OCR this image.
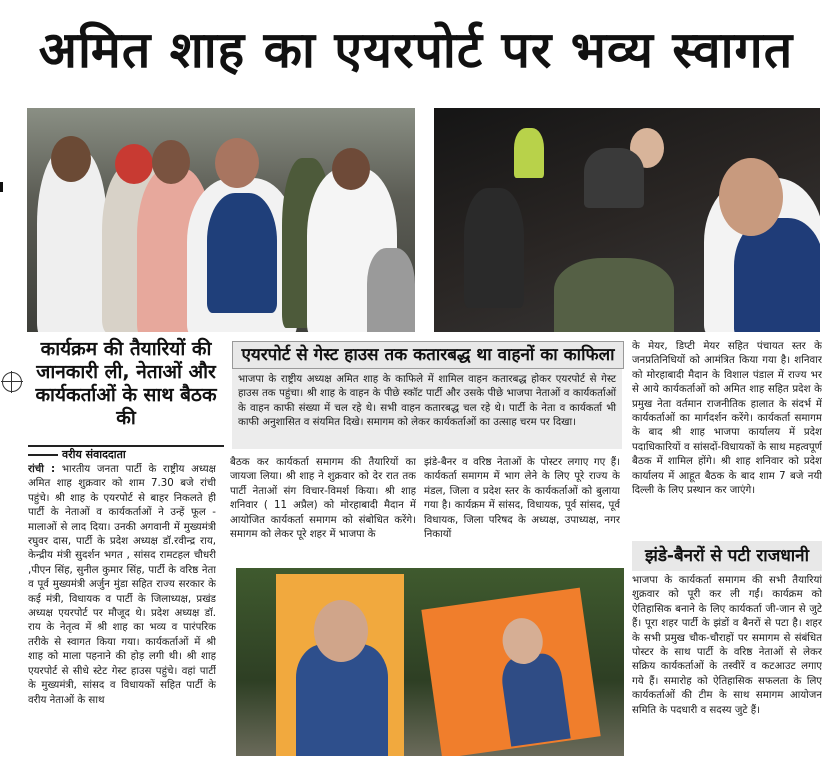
अमित शाह का एयरपोर्ट पर भव्य स्वागत
कार्यक्रम की तैयारियों की जानकारी ली, नेताओं और कार्यकर्ताओं के साथ बैठक की
वरीय संवाददाता

रांची : भारतीय जनता पार्टी के राष्ट्रीय अध्यक्ष अमित शाह शुक्रवार को शाम 7.30 बजे रांची पहुंचे। श्री शाह के एयरपोर्ट से बाहर निकलते ही पार्टी के नेताओं व कार्यकर्ताओं ने उन्हें फूल - मालाओं से लाद दिया। उनकी अगवानी में मुख्यमंत्री रघुवर दास, पार्टी के प्रदेश अध्यक्ष डॉ.रवीन्द्र राय, केन्द्रीय मंत्री सुदर्शन भगत , सांसद रामटहल चौधरी ,पीएन सिंह, सुनील कुमार सिंह, पार्टी के वरिष्ठ नेता व पूर्व मुख्यमंत्री अर्जुन मुंडा सहित राज्य सरकार के कई मंत्री, विधायक व पार्टी के जिलाध्यक्ष, प्रखंड अध्यक्ष एयरपोर्ट पर मौजूद थे। प्रदेश अध्यक्ष डॉ. राय के नेतृत्व में श्री शाह का भव्य व पारंपरिक तरीके से स्वागत किया गया। कार्यकर्ताओं में श्री शाह को माला पहनाने की होड़ लगी थी। श्री शाह एयरपोर्ट से सीधे स्टेट गेस्ट हाउस पहुंचे। वहां पार्टी के मुख्यमंत्री, सांसद व विधायकों सहित पार्टी के वरीय नेताओं के साथ

एयरपोर्ट से गेस्ट हाउस तक कतारबद्ध था वाहनों का काफिला
भाजपा के राष्ट्रीय अध्यक्ष अमित शाह के काफिले में शामिल वाहन कतारबद्ध होकर एयरपोर्ट से गेस्ट हाउस तक पहुंचा। श्री शाह के वाहन के पीछे स्कॉट पार्टी और उसके पीछे भाजपा नेताओं व कार्यकर्ताओं के वाहन काफी संख्या में चल रहे थे। सभी वाहन कतारबद्ध चल रहे थे। पार्टी के नेता व कार्यकर्ता भी काफी अनुशासित व संयमित दिखे। समागम को लेकर कार्यकर्ताओं का उत्साह चरम पर दिखा।
बैठक कर कार्यकर्ता समागम की तैयारियों का जायजा लिया। श्री शाह ने शुक्रवार को देर रात तक पार्टी नेताओं संग विचार-विमर्श किया। श्री शाह शनिवार ( 11 अप्रैल) को मोरहाबादी मैदान में आयोजित कार्यकर्ता समागम को संबोधित करेंगे। समागम को लेकर पूरे शहर में भाजपा के
झंडे-बैनर व वरिष्ठ नेताओं के पोस्टर लगाए गए हैं। कार्यकर्ता समागम में भाग लेने के लिए पूरे राज्य के मंडल, जिला व प्रदेश स्तर के कार्यकर्ताओं को बुलाया गया है। कार्यक्रम में सांसद, विधायक, पूर्व सांसद, पूर्व विधायक, जिला परिषद के अध्यक्ष, उपाध्यक्ष, नगर निकायों
के मेयर, डिप्टी मेयर सहित पंचायत स्तर के जनप्रतिनिधियों को आमंत्रित किया गया है। शनिवार को मोरहाबादी मैदान के विशाल पंडाल में राज्य भर से आये कार्यकर्ताओं को अमित शाह सहित प्रदेश के प्रमुख नेता वर्तमान राजनीतिक हालात के संदर्भ में कार्यकर्ताओं का मार्गदर्शन करेंगे। कार्यकर्ता समागम के बाद श्री शाह भाजपा कार्यालय में प्रदेश पदाधिकारियों व सांसदों-विधायकों के साथ महत्वपूर्ण बैठक में शामिल होंगे। श्री शाह शनिवार को प्रदेश कार्यालय में आहूत बैठक के बाद शाम 7 बजे नयी दिल्ली के लिए प्रस्थान कर जाएंगे।
झंडे-बैनरों से पटी राजधानी
भाजपा के कार्यकर्ता समागम की सभी तैयारियां शुक्रवार को पूरी कर ली गईं। कार्यक्रम को ऐतिहासिक बनाने के लिए कार्यकर्ता जी-जान से जुटे हैं। पूरा शहर पार्टी के झंडों व बैनरों से पटा है। शहर के सभी प्रमुख चौक-चौराहों पर समागम से संबंधित पोस्टर के साथ पार्टी के वरिष्ठ नेताओं से लेकर सक्रिय कार्यकर्ताओं के तस्वीरें व कटआउट लगाए गये हैं। समारोह को ऐतिहासिक सफलता के लिए कार्यकर्ताओं की टीम के साथ समागम आयोजन समिति के पदधारी व सदस्य जुटे हैं।
